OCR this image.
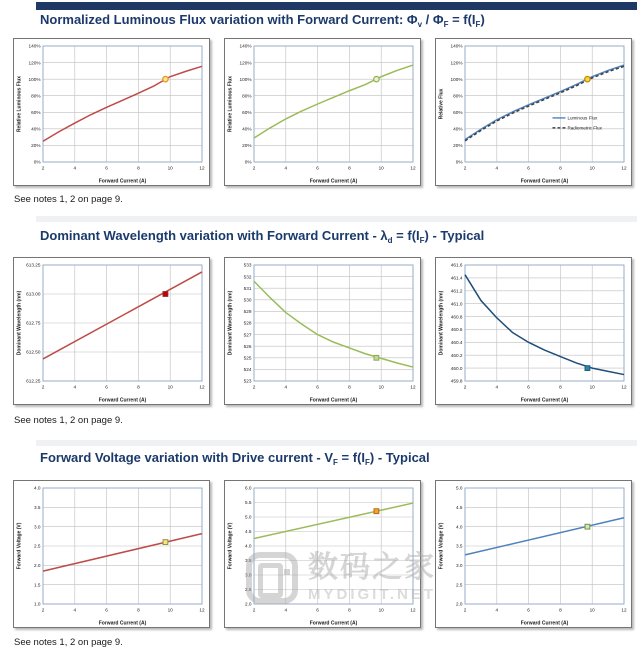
Normalized Luminous Flux variation with Forward Current: $\Phi_v / \Phi_F = f(I_F)$
0%
20%
40%
60%
80%
100%
120%
140%
2	4	6	8	10	12
Forward Current (A)
Relative Luminous Flux
0%
20%
40%
60%
80%
100%
120%
140%
2	4	6	8	10	12
Forward Current (A)
Relative Luminous Flux	Luminous Flux
Radiometric Flux
0%
20%
40%
60%
80%
100%
120%
140%
2	4	6	8	10	12
Forward Current (A)
Relative Flux
See notes 1, 2 on page 9.
Dominant Wavelength variation with Forward Current - $\lambda_d = f(I_F)$ - Typical
612.25
612.50
612.75
613.00
613.25
2	4	6	8	10	12
Forward Current (A)
Dominant Wavelength (nm)
523
524
525
526
527
528
529
530
531
532
533
2	4	6	8	10	12
Forward Current (A)
Dominant Wavelength (nm)
459.8
460.0
460.2
460.4
460.6
460.8
461.0
461.2
461.4
461.6
2	4	6	8	10	12
Forward Current (A)
Dominant Wavelength (nm)
See notes 1, 2 on page 9.
Forward Voltage variation with Drive current - $V_F = f(I_F)$ - Typical
1.0
1.5
2.0
2.5
3.0
3.5
4.0
2	4	6	8	10	12
Forward Current (A)
Forward Voltage (V)
2.0
2.5
3.0
3.5
4.0
4.5
5.0
5.5
6.0
2	4	6	8	10	12
Forward Current (A)
Forward Voltage (V)
2.0
2.5
3.0
3.5
4.0
4.5
5.0
2	4	6	8	10	12
Forward Current (A)
Forward Voltage (V)
See notes 1, 2 on page 9.
数码之家
MYDIGIT.NET
